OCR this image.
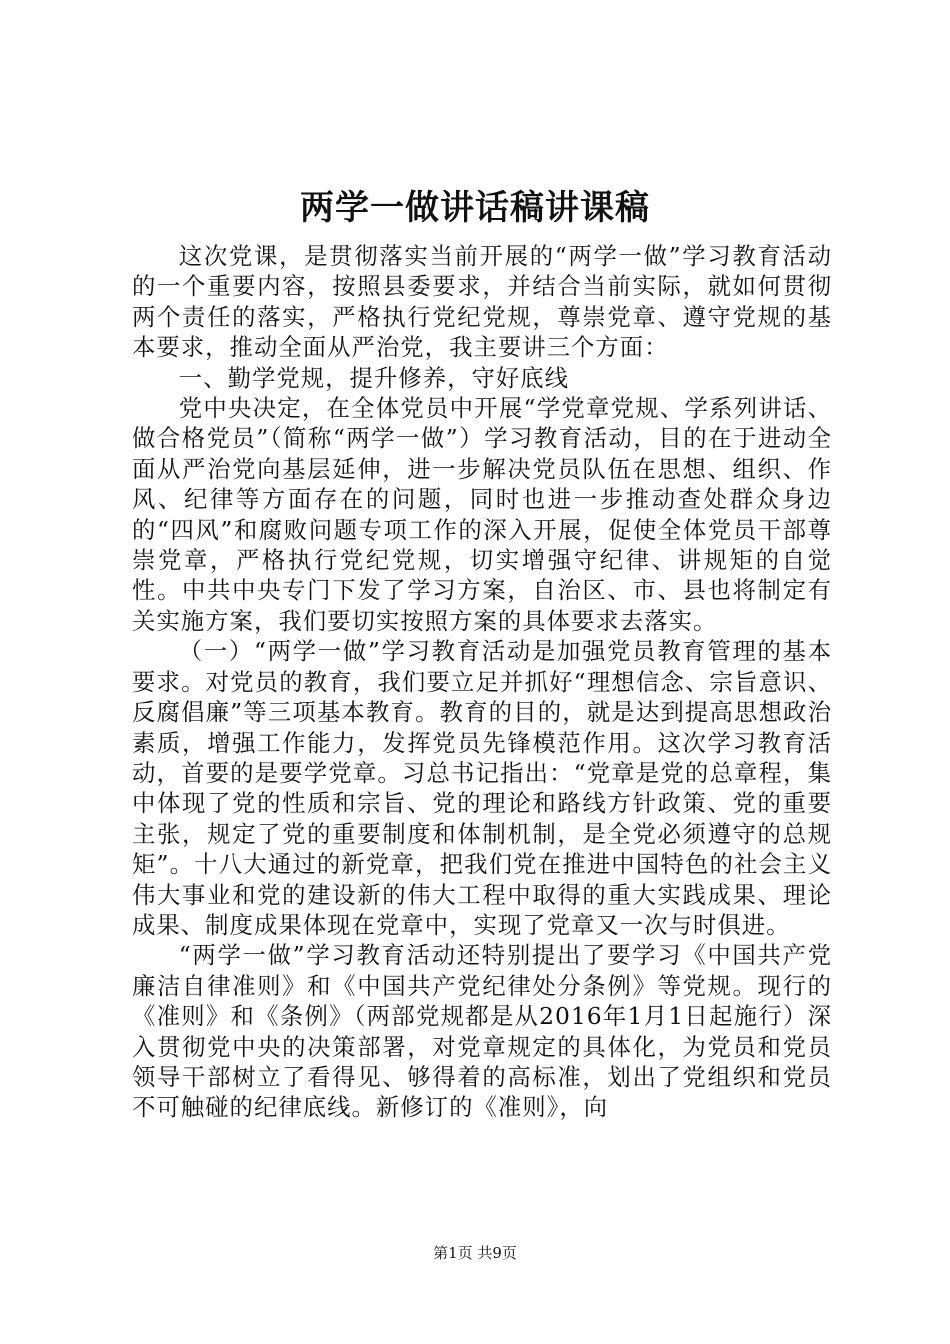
两学一做讲话稿讲课稿

这次党课，是贯彻落实当前开展的“两学一做”学习教育活动的一个重要内容，按照县委要求，并结合当前实际，就如何贯彻两个责任的落实，严格执行党纪党规，尊崇党章、遵守党规的基本要求，推动全面从严治党，我主要讲三个方面：

一、勤学党规，提升修养，守好底线

党中央决定，在全体党员中开展“学党章党规、学系列讲话、做合格党员”（简称“两学一做”）学习教育活动，目的在于进动全面从严治党向基层延伸，进一步解决党员队伍在思想、组织、作风、纪律等方面存在的问题，同时也进一步推动查处群众身边的“四风”和腐败问题专项工作的深入开展，促使全体党员干部尊崇党章，严格执行党纪党规，切实增强守纪律、讲规矩的自觉性。中共中央专门下发了学习方案，自治区、市、县也将制定有关实施方案，我们要切实按照方案的具体要求去落实。

（一）“两学一做”学习教育活动是加强党员教育管理的基本要求。对党员的教育，我们要立足并抓好“理想信念、宗旨意识、反腐倡廉”等三项基本教育。教育的目的，就是达到提高思想政治素质，增强工作能力，发挥党员先锋模范作用。这次学习教育活动，首要的是要学党章。习总书记指出：“党章是党的总章程，集中体现了党的性质和宗旨、党的理论和路线方针政策、党的重要主张，规定了党的重要制度和体制机制，是全党必须遵守的总规矩”。十八大通过的新党章，把我们党在推进中国特色的社会主义伟大事业和党的建设新的伟大工程中取得的重大实践成果、理论成果、制度成果体现在党章中，实现了党章又一次与时俱进。

“两学一做”学习教育活动还特别提出了要学习《中国共产党廉洁自律准则》和《中国共产党纪律处分条例》等党规。现行的《准则》和《条例》（两部党规都是从2016年1月1日起施行）深入贯彻党中央的决策部署，对党章规定的具体化，为党员和党员领导干部树立了看得见、够得着的高标准，划出了党组织和党员不可触碰的纪律底线。新修订的《准则》，向

第1页 共9页
